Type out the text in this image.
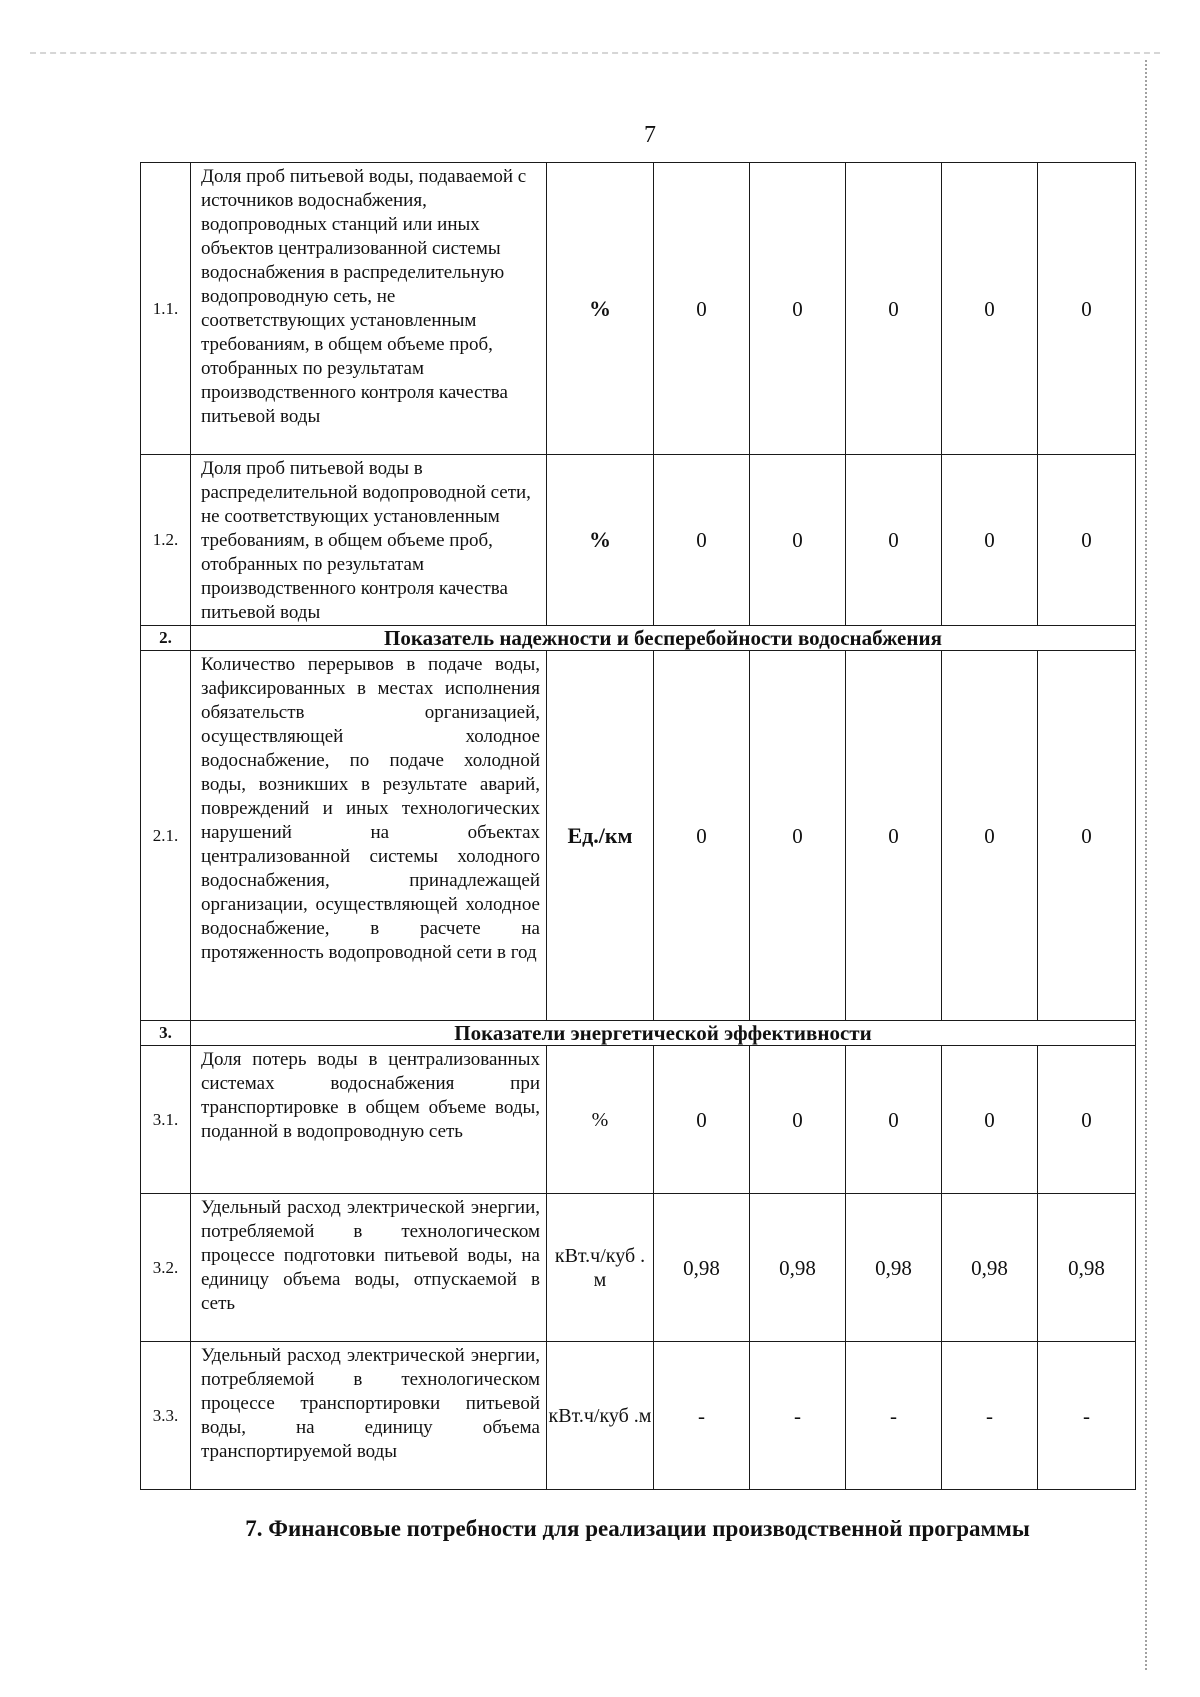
7
1.1.	Доля проб питьевой воды, подаваемой с источников водоснабжения, водопроводных станций или иных объектов централизованной системы водоснабжения в распределительную водопроводную сеть, не соответствующих установленным требованиям, в общем объеме проб, отобранных по результатам производственного контроля качества питьевой воды	%	0	0	0	0	0
1.2.	Доля проб питьевой воды в распределительной водопроводной сети, не соответствующих установленным требованиям, в общем объеме проб, отобранных по результатам производственного контроля качества питьевой воды	%	0	0	0	0	0
2.	Показатель надежности и бесперебойности водоснабжения						
2.1.	Количество перерывов в подаче воды, зафиксированных в местах исполнения обязательств организацией, осуществляющей холодное водоснабжение, по подаче холодной воды, возникших в результате аварий, повреждений и иных технологических нарушений на объектах централизованной системы холодного водоснабжения, принадлежащей организации, осуществляющей холодное водоснабжение, в расчете на протяженность водопроводной сети в год	Ед./км	0	0	0	0	0
3.	Показатели энергетической эффективности						
3.1.	Доля потерь воды в централизованных системах водоснабжения при транспортировке в общем объеме воды, поданной в водопроводную сеть	%	0	0	0	0	0
3.2.	Удельный расход электрической энергии, потребляемой в технологическом процессе подготовки питьевой воды, на единицу объема воды, отпускаемой в сеть	кВт.ч/куб . м	0,98	0,98	0,98	0,98	0,98
3.3.	Удельный расход электрической энергии, потребляемой в технологическом процессе транспортировки питьевой воды, на единицу объема транспортируемой воды	кВт.ч/куб .м	-	-	-	-	-
7. Финансовые потребности для реализации производственной программы
